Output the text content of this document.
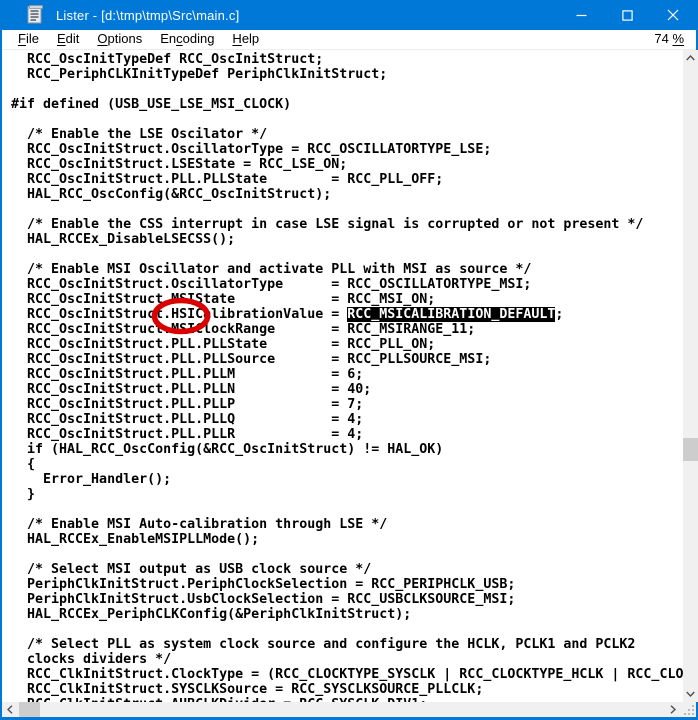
Lister - [d:\tmp\tmp\Src\main.c]
File	Edit	Options	Encoding	Help	74 %
RCC_OscInitTypeDef RCC_OscInitStruct;
RCC_PeriphCLKInitTypeDef PeriphClkInitStruct;
#if defined (USB_USE_LSE_MSI_CLOCK)
/* Enable the LSE Oscilator */
RCC_OscInitStruct.OscillatorType = RCC_OSCILLATORTYPE_LSE;
RCC_OscInitStruct.LSEState = RCC_LSE_ON;
RCC_OscInitStruct.PLL.PLLState        = RCC_PLL_OFF;
HAL_RCC_OscConfig(&RCC_OscInitStruct);
/* Enable the CSS interrupt in case LSE signal is corrupted or not present */
HAL_RCCEx_DisableLSECSS();
/* Enable MSI Oscillator and activate PLL with MSI as source */
RCC_OscInitStruct.OscillatorType      = RCC_OSCILLATORTYPE_MSI;
RCC_OscInitStruct.MSIState            = RCC_MSI_ON;
RCC_OscInitStruct.HSICalibrationValue = RCC_MSICALIBRATION_DEFAULT;
RCC_OscInitStruct.MSIClockRange       = RCC_MSIRANGE_11;
RCC_OscInitStruct.PLL.PLLState        = RCC_PLL_ON;
RCC_OscInitStruct.PLL.PLLSource       = RCC_PLLSOURCE_MSI;
RCC_OscInitStruct.PLL.PLLM            = 6;
RCC_OscInitStruct.PLL.PLLN            = 40;
RCC_OscInitStruct.PLL.PLLP            = 7;
RCC_OscInitStruct.PLL.PLLQ            = 4;
RCC_OscInitStruct.PLL.PLLR            = 4;
if (HAL_RCC_OscConfig(&RCC_OscInitStruct) != HAL_OK)
{
Error_Handler();
}
/* Enable MSI Auto-calibration through LSE */
HAL_RCCEx_EnableMSIPLLMode();
/* Select MSI output as USB clock source */
PeriphClkInitStruct.PeriphClockSelection = RCC_PERIPHCLK_USB;
PeriphClkInitStruct.UsbClockSelection = RCC_USBCLKSOURCE_MSI;
HAL_RCCEx_PeriphCLKConfig(&PeriphClkInitStruct);
/* Select PLL as system clock source and configure the HCLK, PCLK1 and PCLK2
clocks dividers */
RCC_ClkInitStruct.ClockType = (RCC_CLOCKTYPE_SYSCLK | RCC_CLOCKTYPE_HCLK | RCC_CLO
RCC_ClkInitStruct.SYSCLKSource = RCC_SYSCLKSOURCE_PLLCLK;
